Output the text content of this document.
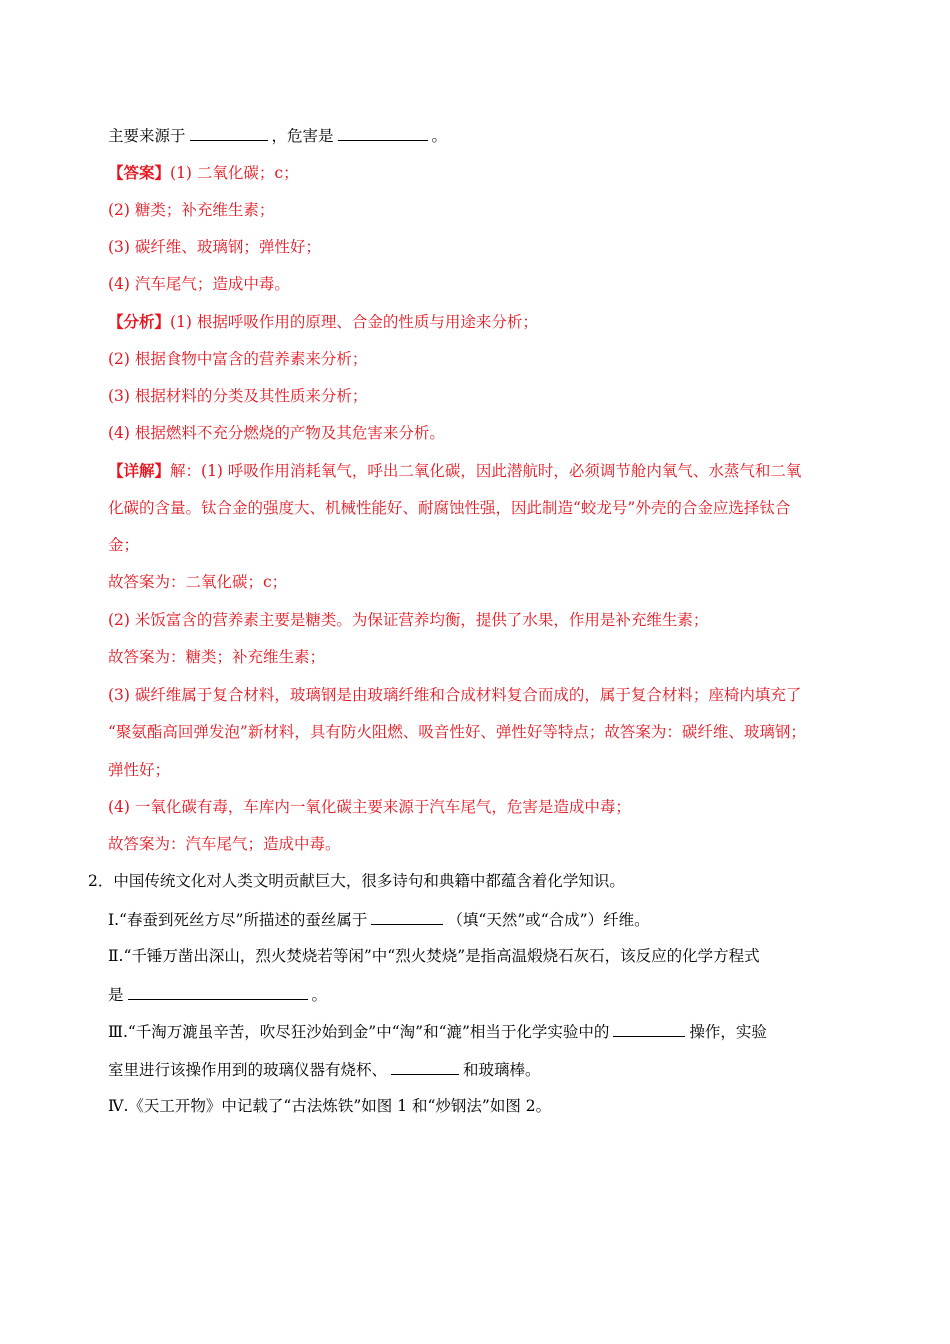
主要来源于	，危害是	。
【答案】(1) 二氧化碳；c；
(2) 糖类；补充维生素；
(3) 碳纤维、玻璃钢；弹性好；
(4) 汽车尾气；造成中毒。
【分析】(1) 根据呼吸作用的原理、合金的性质与用途来分析；
(2) 根据食物中富含的营养素来分析；
(3) 根据材料的分类及其性质来分析；
(4) 根据燃料不充分燃烧的产物及其危害来分析。
【详解】解：(1) 呼吸作用消耗氧气，呼出二氧化碳，因此潜航时，必须调节舱内氧气、水蒸气和二氧
化碳的含量。钛合金的强度大、机械性能好、耐腐蚀性强，因此制造“蛟龙号”外壳的合金应选择钛合
金；
故答案为：二氧化碳；c；
(2) 米饭富含的营养素主要是糖类。为保证营养均衡，提供了水果，作用是补充维生素；
故答案为：糖类；补充维生素；
(3) 碳纤维属于复合材料，玻璃钢是由玻璃纤维和合成材料复合而成的，属于复合材料；座椅内填充了
“聚氨酯高回弹发泡”新材料，具有防火阻燃、吸音性好、弹性好等特点；故答案为：碳纤维、玻璃钢；
弹性好；
(4) 一氧化碳有毒，车库内一氧化碳主要来源于汽车尾气，危害是造成中毒；
故答案为：汽车尾气；造成中毒。
2．中国传统文化对人类文明贡献巨大，很多诗句和典籍中都蕴含着化学知识。
Ⅰ.“春蚕到死丝方尽”所描述的蚕丝属于	（填“天然”或“合成”）纤维。
Ⅱ.“千锤万凿出深山，烈火焚烧若等闲”中“烈火焚烧”是指高温煅烧石灰石，该反应的化学方程式
是	。
Ⅲ.“千淘万漉虽辛苦，吹尽狂沙始到金”中“淘”和“漉”相当于化学实验中的	操作，实验
室里进行该操作用到的玻璃仪器有烧杯、	和玻璃棒。
Ⅳ.《天工开物》中记载了“古法炼铁”如图 1 和“炒钢法”如图 2。
